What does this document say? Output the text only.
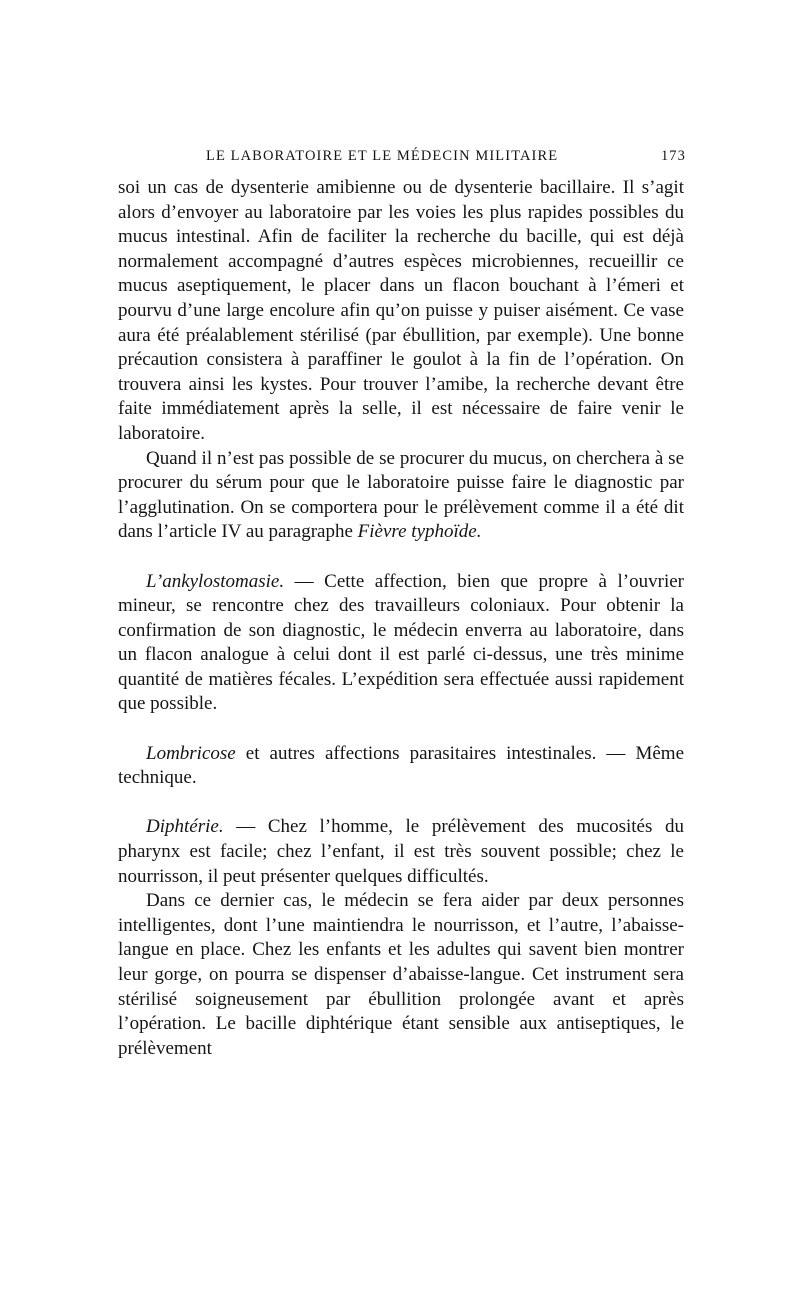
LE LABORATOIRE ET LE MÉDECIN MILITAIRE	173

soi un cas de dysenterie amibienne ou de dysenterie bacillaire. Il s’agit alors d’envoyer au laboratoire par les voies les plus rapides possibles du mucus intestinal. Afin de faciliter la recherche du bacille, qui est déjà normalement accompagné d’autres espèces microbiennes, recueillir ce mucus aseptiquement, le placer dans un flacon bouchant à l’émeri et pourvu d’une large encolure afin qu’on puisse y puiser aisément. Ce vase aura été préalablement stérilisé (par ébullition, par exemple). Une bonne précaution consistera à paraffiner le goulot à la fin de l’opération. On trouvera ainsi les kystes. Pour trouver l’amibe, la recherche devant être faite immédiatement après la selle, il est nécessaire de faire venir le laboratoire.

Quand il n’est pas possible de se procurer du mucus, on cherchera à se procurer du sérum pour que le laboratoire puisse faire le diagnostic par l’agglutination. On se comportera pour le prélèvement comme il a été dit dans l’article IV au paragraphe Fièvre typhoïde.

L’ankylostomasie. — Cette affection, bien que propre à l’ouvrier mineur, se rencontre chez des travailleurs coloniaux. Pour obtenir la confirmation de son diagnostic, le médecin enverra au laboratoire, dans un flacon analogue à celui dont il est parlé ci-dessus, une très minime quantité de matières fécales. L’expédition sera effectuée aussi rapidement que possible.

Lombricose et autres affections parasitaires intestinales. — Même technique.

Diphtérie. — Chez l’homme, le prélèvement des mucosités du pharynx est facile; chez l’enfant, il est très souvent possible; chez le nourrisson, il peut présenter quelques difficultés.

Dans ce dernier cas, le médecin se fera aider par deux personnes intelligentes, dont l’une maintiendra le nourrisson, et l’autre, l’abaisse-langue en place. Chez les enfants et les adultes qui savent bien montrer leur gorge, on pourra se dispenser d’abaisse-langue. Cet instrument sera stérilisé soigneusement par ébullition prolongée avant et après l’opération. Le bacille diphtérique étant sensible aux antiseptiques, le prélèvement
